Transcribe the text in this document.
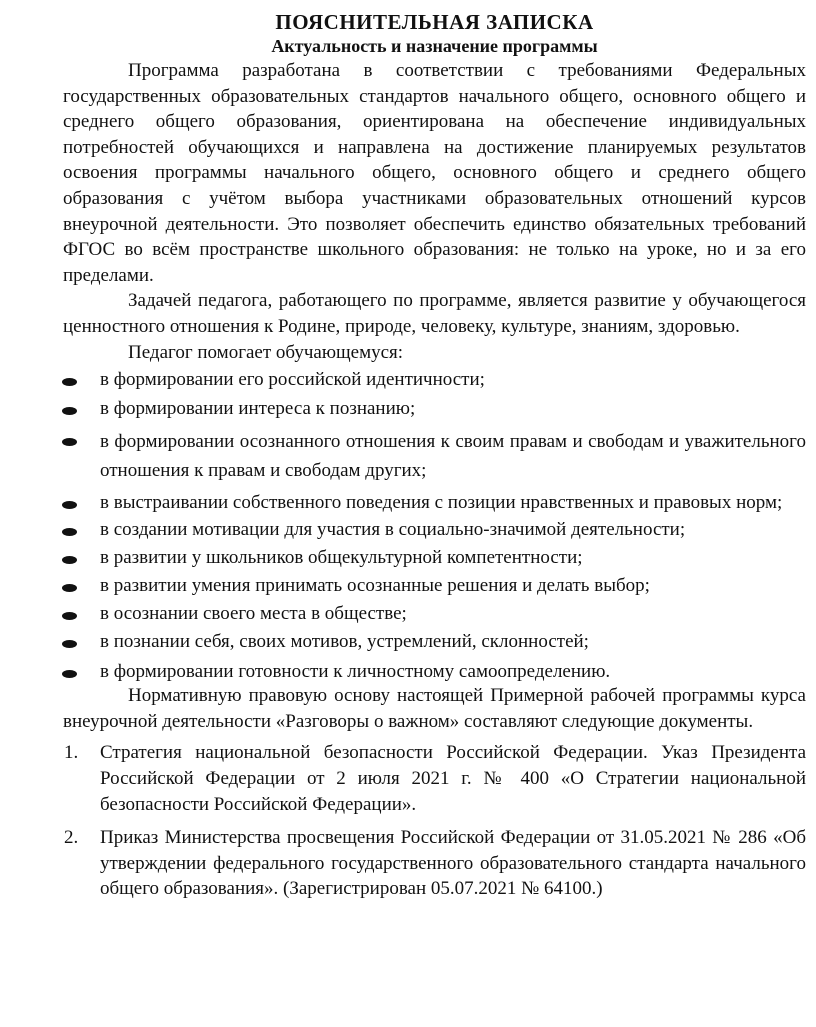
ПОЯСНИТЕЛЬНАЯ ЗАПИСКА
Актуальность и назначение программы

Программа разработана в соответствии с требованиями Федеральных государственных образовательных стандартов начального общего, основного общего и среднего общего образования, ориентирована на обеспечение индивидуальных потребностей обучающихся и направлена на достижение планируемых результатов освоения программы начального общего, основного общего и среднего общего образования с учётом выбора участниками образовательных отношений курсов внеурочной деятельности. Это позволяет обеспечить единство обязательных требований ФГОС во всём пространстве школьного образования: не только на уроке, но и за его пределами.

Задачей педагога, работающего по программе, является развитие у обучающегося ценностного отношения к Родине, природе, человеку, культуре, знаниям, здоровью.

Педагог помогает обучающемуся:

в формировании его российской идентичности;
в формировании интереса к познанию;
в формировании осознанного отношения к своим правам и свободам и уважительного отношения к правам и свободам других;
в выстраивании собственного поведения с позиции нравственных и правовых норм;
в создании мотивации для участия в социально-значимой деятельности;
в развитии у школьников общекультурной компетентности;
в развитии умения принимать осознанные решения и делать выбор;
в осознании своего места в обществе;
в познании себя, своих мотивов, устремлений, склонностей;
в формировании готовности к личностному самоопределению.

Нормативную правовую основу настоящей Примерной рабочей программы курса внеурочной деятельности «Разговоры о важном» составляют следующие документы.

1. Стратегия национальной безопасности Российской Федерации. Указ Президента Российской Федерации от 2 июля 2021 г. № 400 «О Стратегии национальной безопасности Российской Федерации».
2. Приказ Министерства просвещения Российской Федерации от 31.05.2021 № 286 «Об утверждении федерального государственного образовательного стандарта начального общего образования». (Зарегистрирован 05.07.2021 № 64100.)
